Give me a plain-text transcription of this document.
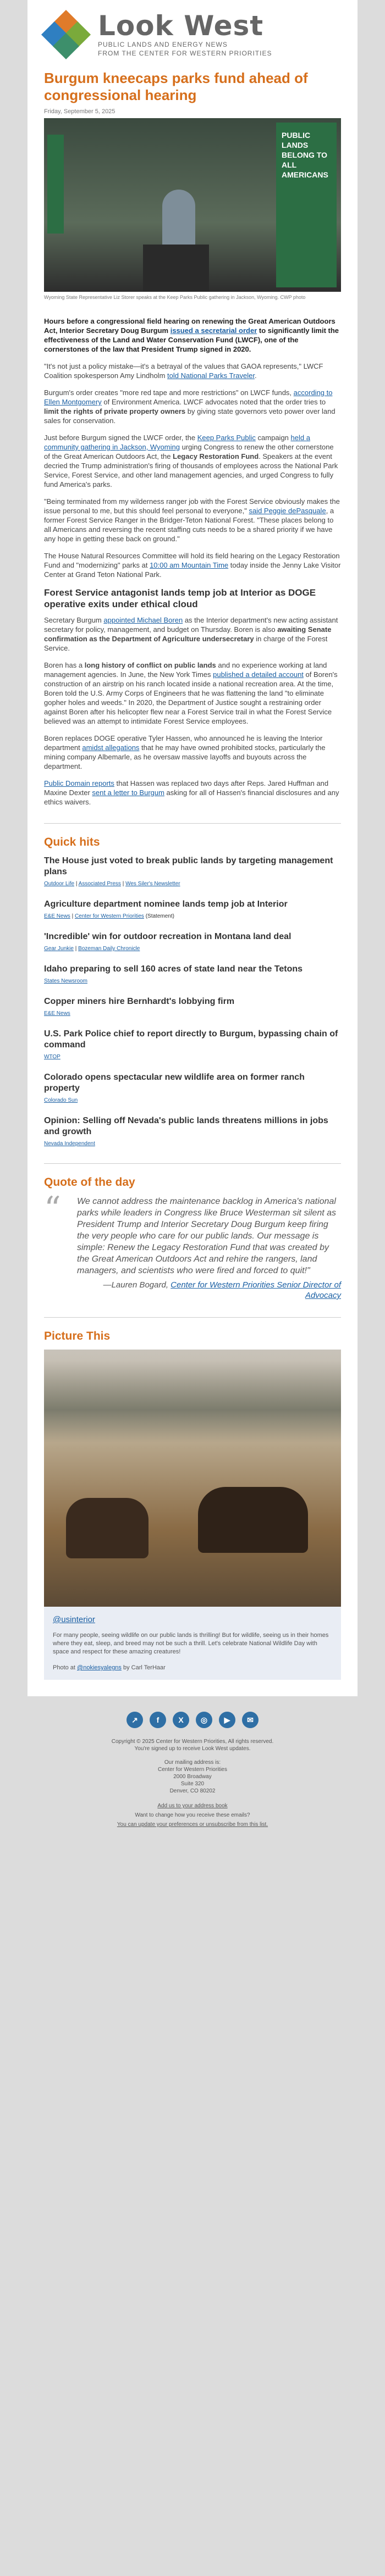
Look West
PUBLIC LANDS AND ENERGY NEWS
FROM THE CENTER FOR WESTERN PRIORITIES
Burgum kneecaps parks fund ahead of congressional hearing
Friday, September 5, 2025
PUBLIC LANDS BELONG TO ALL AMERICANS
Wyoming State Representative Liz Storer speaks at the Keep Parks Public gathering in Jackson, Wyoming. CWP photo

Hours before a congressional field hearing on renewing the Great American Outdoors Act, Interior Secretary Doug Burgum issued a secretarial order to significantly limit the effectiveness of the Land and Water Conservation Fund (LWCF), one of the cornerstones of the law that President Trump signed in 2020.

"It's not just a policy mistake—it's a betrayal of the values that GAOA represents," LWCF Coalition spokesperson Amy Lindholm told National Parks Traveler.

Burgum's order creates "more red tape and more restrictions" on LWCF funds, according to Ellen Montgomery of Environment America. LWCF advocates noted that the order tries to limit the rights of private property owners by giving state governors veto power over land sales for conservation.

Just before Burgum signed the LWCF order, the Keep Parks Public campaign held a community gathering in Jackson, Wyoming urging Congress to renew the other cornerstone of the Great American Outdoors Act, the Legacy Restoration Fund. Speakers at the event decried the Trump administration's firing of thousands of employees across the National Park Service, Forest Service, and other land management agencies, and urged Congress to fully fund America's parks.

"Being terminated from my wilderness ranger job with the Forest Service obviously makes the issue personal to me, but this should feel personal to everyone," said Peggie dePasquale, a former Forest Service Ranger in the Bridger-Teton National Forest. "These places belong to all Americans and reversing the recent staffing cuts needs to be a shared priority if we have any hope in getting these back on ground."

The House Natural Resources Committee will hold its field hearing on the Legacy Restoration Fund and "modernizing" parks at 10:00 am Mountain Time today inside the Jenny Lake Visitor Center at Grand Teton National Park.

Forest Service antagonist lands temp job at Interior as DOGE operative exits under ethical cloud

Secretary Burgum appointed Michael Boren as the Interior department's new acting assistant secretary for policy, management, and budget on Thursday. Boren is also awaiting Senate confirmation as the Department of Agriculture undersecretary in charge of the Forest Service.

Boren has a long history of conflict on public lands and no experience working at land management agencies. In June, the New York Times published a detailed account of Boren's construction of an airstrip on his ranch located inside a national recreation area. At the time, Boren told the U.S. Army Corps of Engineers that he was flattening the land "to eliminate gopher holes and weeds." In 2020, the Department of Justice sought a restraining order against Boren after his helicopter flew near a Forest Service trail in what the Forest Service believed was an attempt to intimidate Forest Service employees.

Boren replaces DOGE operative Tyler Hassen, who announced he is leaving the Interior department amidst allegations that he may have owned prohibited stocks, particularly the mining company Albemarle, as he oversaw massive layoffs and buyouts across the department.

Public Domain reports that Hassen was replaced two days after Reps. Jared Huffman and Maxine Dexter sent a letter to Burgum asking for all of Hassen's financial disclosures and any ethics waivers.

Quick hits
The House just voted to break public lands by targeting management plans
Outdoor Life | Associated Press | Wes Siler's Newsletter
Agriculture department nominee lands temp job at Interior
E&E News | Center for Western Priorities (Statement)
'Incredible' win for outdoor recreation in Montana land deal
Gear Junkie | Bozeman Daily Chronicle
Idaho preparing to sell 160 acres of state land near the Tetons
States Newsroom
Copper miners hire Bernhardt's lobbying firm
E&E News
U.S. Park Police chief to report directly to Burgum, bypassing chain of command
WTOP
Colorado opens spectacular new wildlife area on former ranch property
Colorado Sun
Opinion: Selling off Nevada's public lands threatens millions in jobs and growth
Nevada Independent
Quote of the day
“ We cannot address the maintenance backlog in America's national parks while leaders in Congress like Bruce Westerman sit silent as President Trump and Interior Secretary Doug Burgum keep firing the very people who care for our public lands. Our message is simple: Renew the Legacy Restoration Fund that was created by the Great American Outdoors Act and rehire the rangers, land managers, and scientists who were fired and forced to quit!"
—Lauren Bogard, Center for Western Priorities Senior Director of Advocacy
Picture This
@usinterior
For many people, seeing wildlife on our public lands is thrilling! But for wildlife, seeing us in their homes where they eat, sleep, and breed may not be such a thrill. Let's celebrate National Wildlife Day with space and respect for these amazing creatures!
Photo at @nokiesyalegns by Carl TerHaar
↗	f	X	◎	▶	✉
Copyright © 2025 Center for Western Priorities, All rights reserved.
You're signed up to receive Look West updates.
Our mailing address is:
Center for Western Priorities
2000 Broadway
Suite 320
Denver, CO 80202
Add us to your address book
Want to change how you receive these emails?
You can update your preferences or unsubscribe from this list.
